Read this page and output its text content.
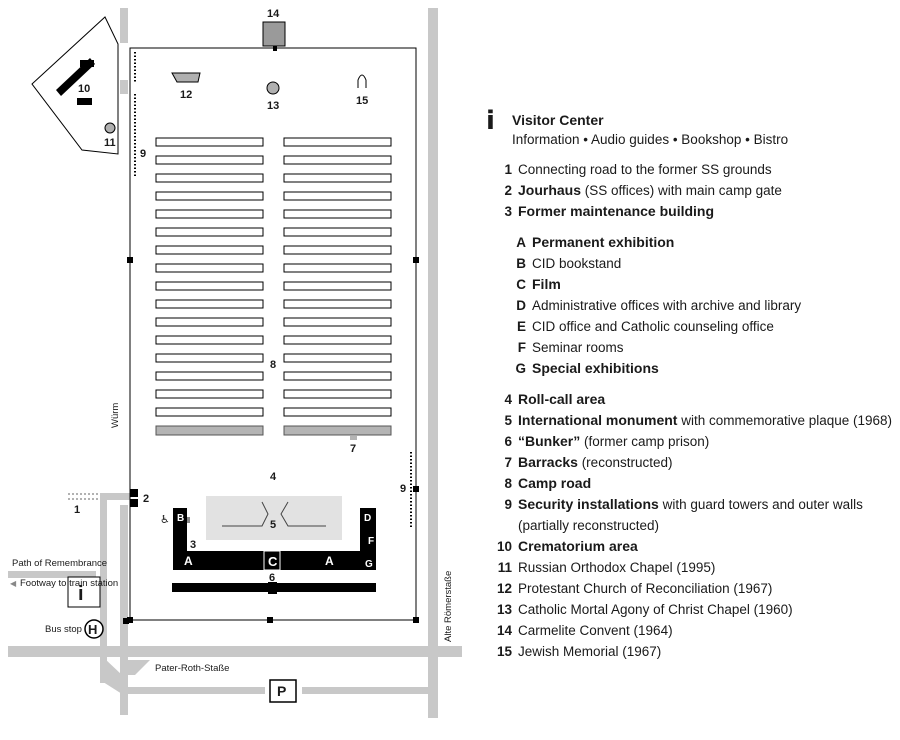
B	D
E
F
A	C	A	G
14
12
13	15
10
11
9
8
7
4
9
2
1
5
3
6
♿
i
H
Bus stop
P
Pater-Roth-Staße
Path of Remembrance
◀ Footway to train station
Würm
Alte Römerstaße
i	Visitor Center
Information • Audio guides • Bookshop • Bistro
1 Connecting road to the former SS grounds
2 Jourhaus (SS offices) with main camp gate
3 Former maintenance building
A Permanent exhibition
B CID bookstand
C Film
D Administrative offices with archive and library
E CID office and Catholic counseling office
F Seminar rooms
G Special exhibitions
4 Roll-call area
5 International monument with commemorative plaque (1968)
6 “Bunker” (former camp prison)
7 Barracks (reconstructed)
8 Camp road
9 Security installations with guard towers and outer walls (partially reconstructed)
10 Crematorium area
11 Russian Orthodox Chapel (1995)
12 Protestant Church of Reconciliation (1967)
13 Catholic Mortal Agony of Christ Chapel (1960)
14 Carmelite Convent (1964)
15 Jewish Memorial (1967)
